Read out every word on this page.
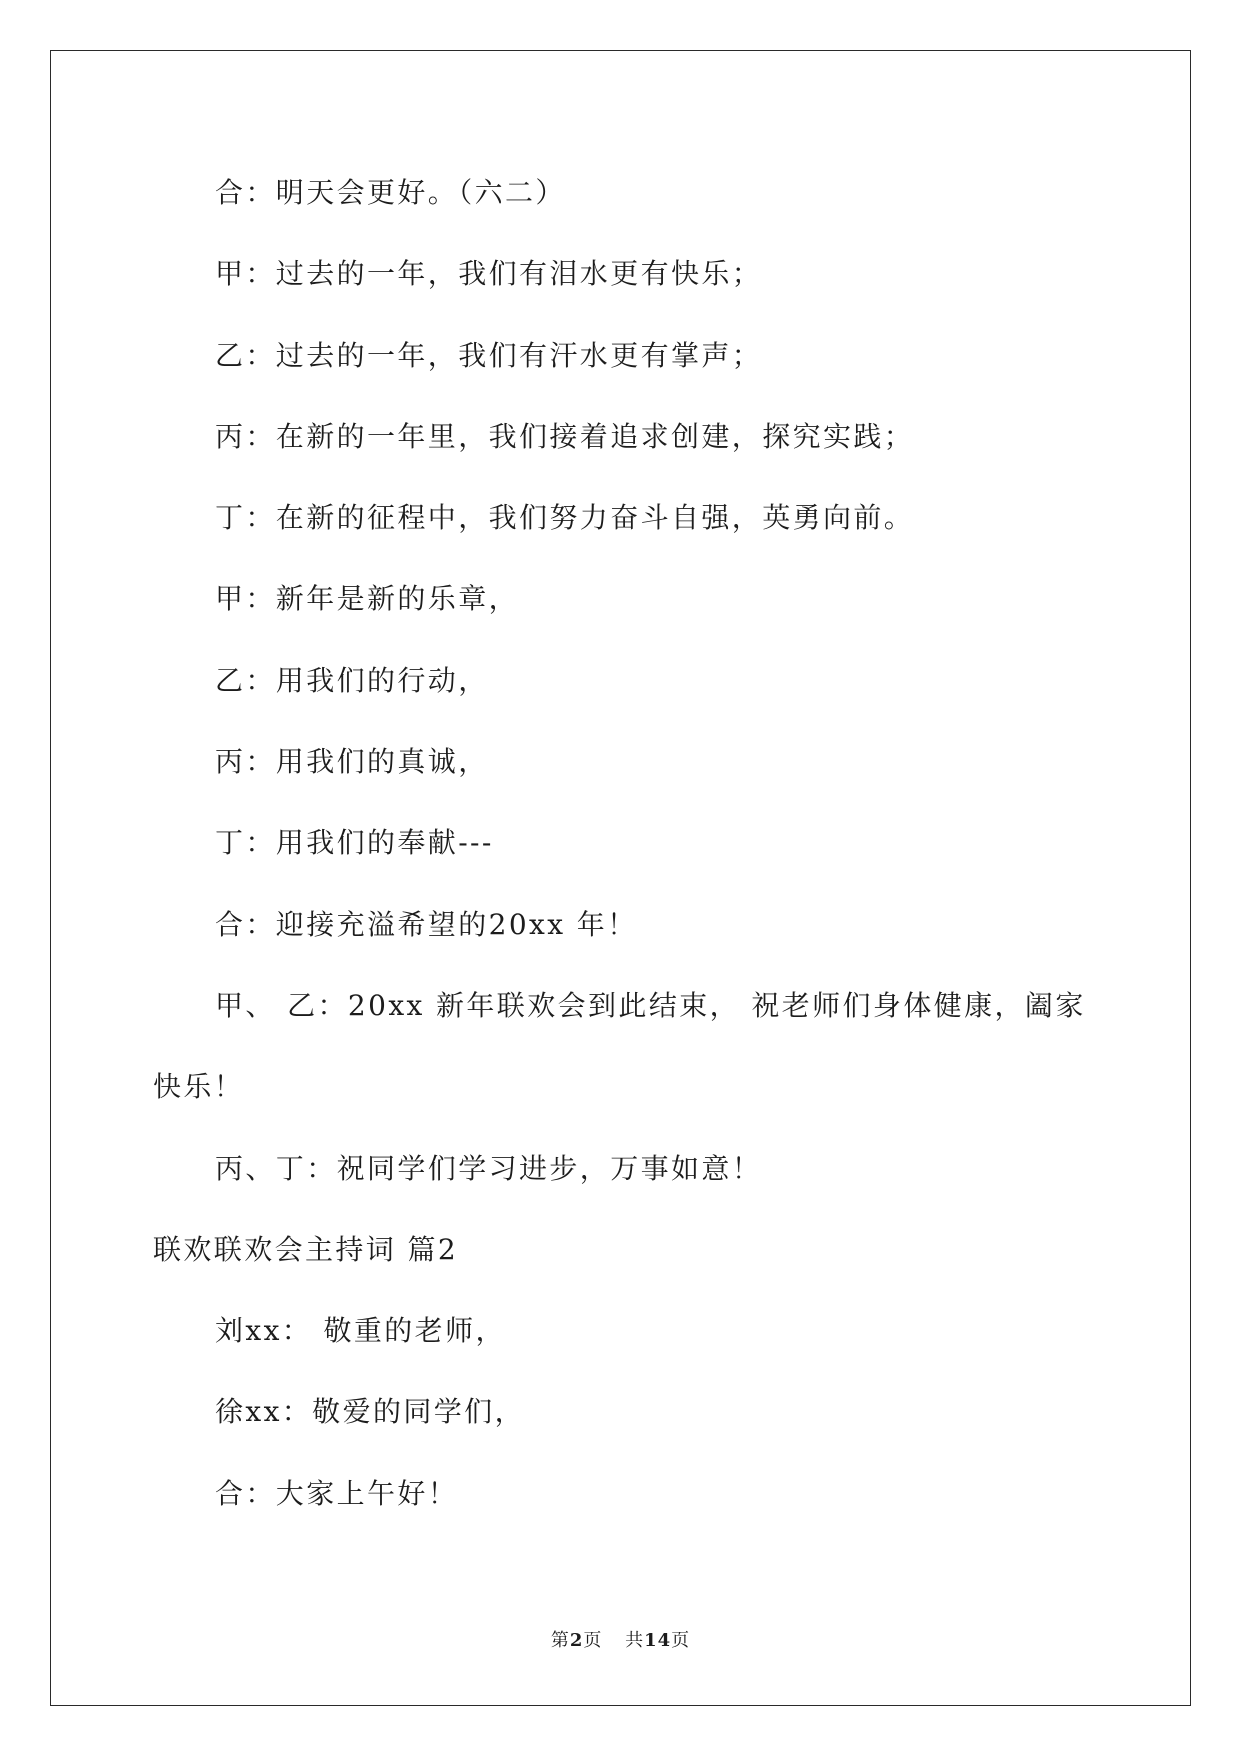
合：明天会更好。（六二）

甲：过去的一年，我们有泪水更有快乐；

乙：过去的一年，我们有汗水更有掌声；

丙：在新的一年里，我们接着追求创建，探究实践；

丁：在新的征程中，我们努力奋斗自强，英勇向前。

甲：新年是新的乐章，

乙：用我们的行动，

丙：用我们的真诚，

丁：用我们的奉献---

合：迎接充溢希望的20xx 年！

甲、 乙：20xx 新年联欢会到此结束， 祝老师们身体健康，阖家

快乐！

丙、丁：祝同学们学习进步，万事如意！

联欢联欢会主持词 篇2

刘xx： 敬重的老师，

徐xx：敬爱的同学们，

合：大家上午好！

第2页 共14页
